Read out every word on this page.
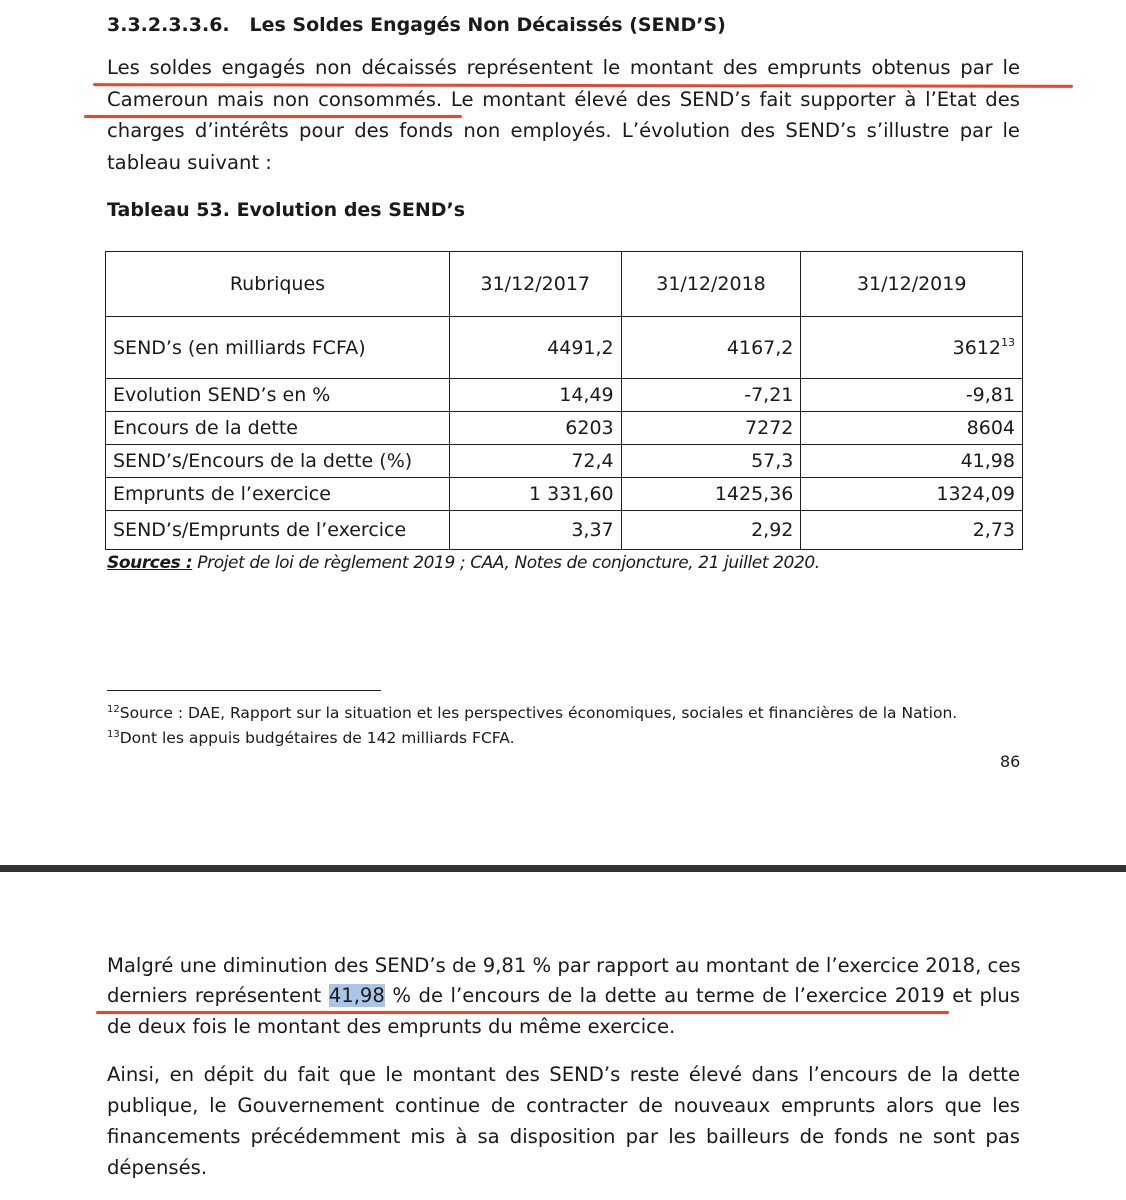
3.3.2.3.3.6. Les Soldes Engagés Non Décaissés (SEND’S)
Les soldes engagés non décaissés représentent le montant des emprunts obtenus par le
Cameroun mais non consommés. Le montant élevé des SEND’s fait supporter à l’Etat des
charges d’intérêts pour des fonds non employés. L’évolution des SEND’s s’illustre par le
tableau suivant :
Tableau 53. Evolution des SEND’s
Rubriques	31/12/2017	31/12/2018	31/12/2019
SEND’s (en milliards FCFA)	4491,2	4167,2	3612$^{13}$
Evolution SEND’s en %	14,49	-7,21	-9,81
Encours de la dette	6203	7272	8604
SEND’s/Encours de la dette (%)	72,4	57,3	41,98
Emprunts de l’exercice	1 331,60	1425,36	1324,09
SEND’s/Emprunts de l’exercice	3,37	2,92	2,73
Sources : Projet de loi de règlement 2019 ; CAA, Notes de conjoncture, 21 juillet 2020.
$^{12}$Source : DAE, Rapport sur la situation et les perspectives économiques, sociales et financières de la Nation.
$^{13}$Dont les appuis budgétaires de 142 milliards FCFA.
86
Malgré une diminution des SEND’s de 9,81 % par rapport au montant de l’exercice 2018, ces
derniers représentent 41,98 % de l’encours de la dette au terme de l’exercice 2019 et plus
de deux fois le montant des emprunts du même exercice.
Ainsi, en dépit du fait que le montant des SEND’s reste élevé dans l’encours de la dette
publique, le Gouvernement continue de contracter de nouveaux emprunts alors que les
financements précédemment mis à sa disposition par les bailleurs de fonds ne sont pas
dépensés.
